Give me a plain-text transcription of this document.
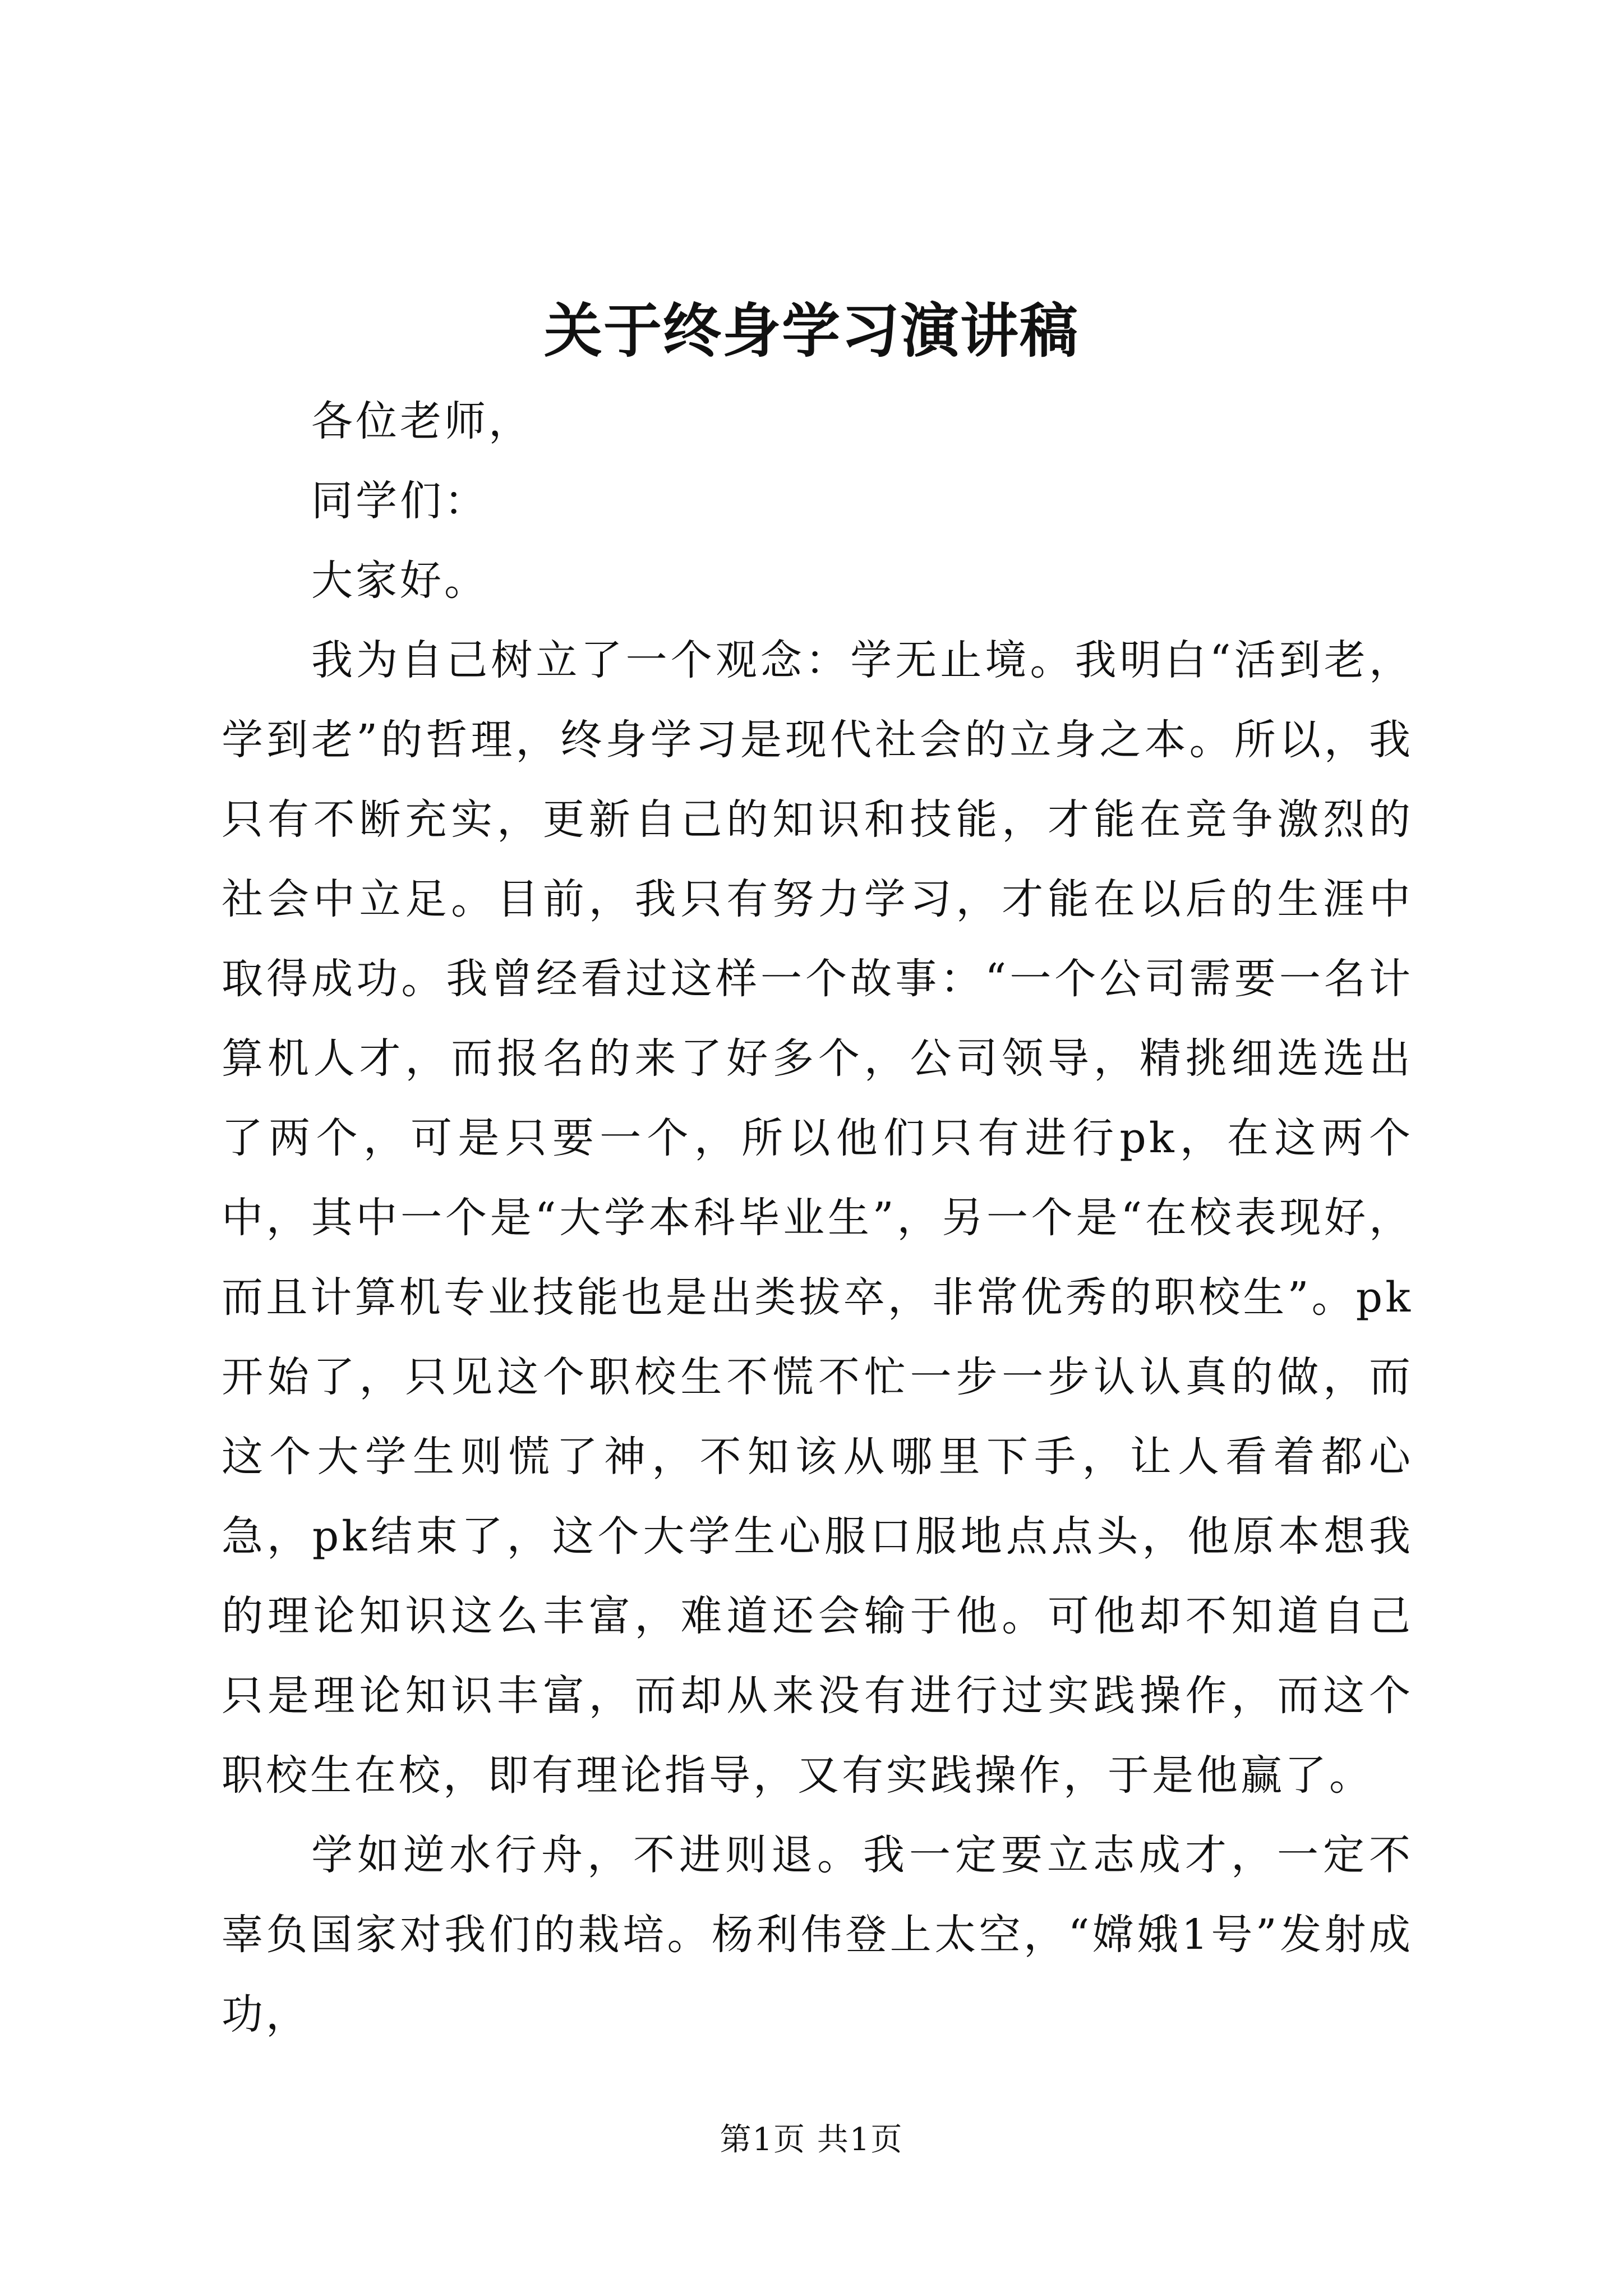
关于终身学习演讲稿

各位老师，

同学们：

大家好。

我为自己树立了一个观念：学无止境。我明白“活到老，学到老”的哲理，终身学习是现代社会的立身之本。所以，我只有不断充实，更新自己的知识和技能，才能在竞争激烈的社会中立足。目前，我只有努力学习，才能在以后的生涯中取得成功。我曾经看过这样一个故事：“一个公司需要一名计算机人才，而报名的来了好多个，公司领导，精挑细选选出了两个，可是只要一个，所以他们只有进行pk，在这两个中，其中一个是“大学本科毕业生”，另一个是“在校表现好，而且计算机专业技能也是出类拔卒，非常优秀的职校生”。pk开始了，只见这个职校生不慌不忙一步一步认认真的做，而这个大学生则慌了神，不知该从哪里下手，让人看着都心急，pk结束了，这个大学生心服口服地点点头，他原本想我的理论知识这么丰富，难道还会输于他。可他却不知道自己只是理论知识丰富，而却从来没有进行过实践操作，而这个职校生在校，即有理论指导，又有实践操作，于是他赢了。

学如逆水行舟，不进则退。我一定要立志成才，一定不辜负国家对我们的栽培。杨利伟登上太空，“嫦娥1号”发射成功，

第1页 共1页
